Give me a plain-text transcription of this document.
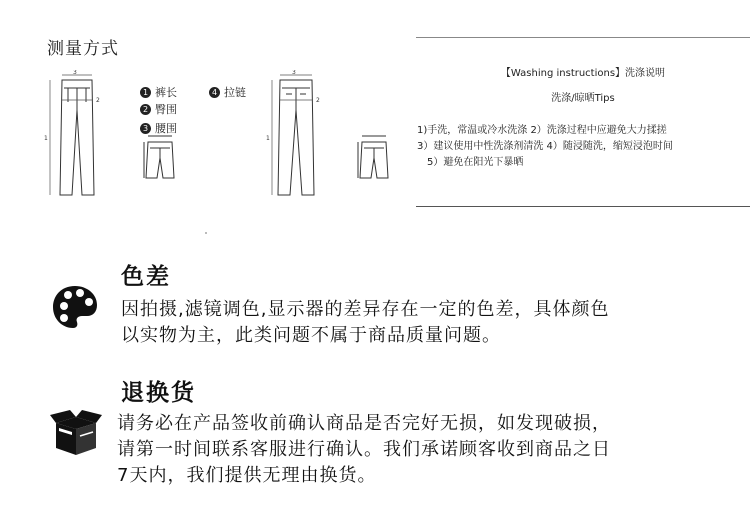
测量方式
1
3
2
1
3
2
1 裤长
2 臀围
3 腰围
4 拉链
【Washing instructions】洗涤说明
洗涤/晾晒Tips
1)手洗，常温或冷水洗涤 2）洗涤过程中应避免大力揉搓
3）建议使用中性洗涤剂清洗 4）随浸随洗，缩短浸泡时间
5）避免在阳光下暴晒
色差
因拍摄,滤镜调色,显示器的差异存在一定的色差，具体颜色
以实物为主，此类问题不属于商品质量问题。
退换货
请务必在产品签收前确认商品是否完好无损，如发现破损，
请第一时间联系客服进行确认。我们承诺顾客收到商品之日
7天内，我们提供无理由换货。
